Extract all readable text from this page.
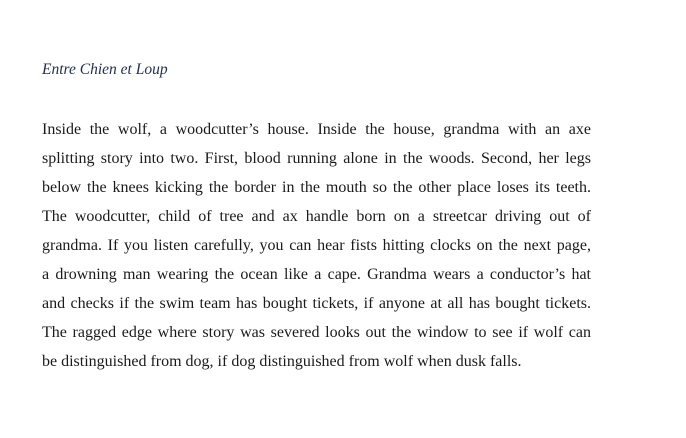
Entre Chien et Loup
Inside the wolf, a woodcutter’s house. Inside the house, grandma with an axe
splitting story into two. First, blood running alone in the woods. Second, her legs
below the knees kicking the border in the mouth so the other place loses its teeth.
The woodcutter, child of tree and ax handle born on a streetcar driving out of
grandma. If you listen carefully, you can hear fists hitting clocks on the next page,
a drowning man wearing the ocean like a cape. Grandma wears a conductor’s hat
and checks if the swim team has bought tickets, if anyone at all has bought tickets.
The ragged edge where story was severed looks out the window to see if wolf can
be distinguished from dog, if dog distinguished from wolf when dusk falls.
